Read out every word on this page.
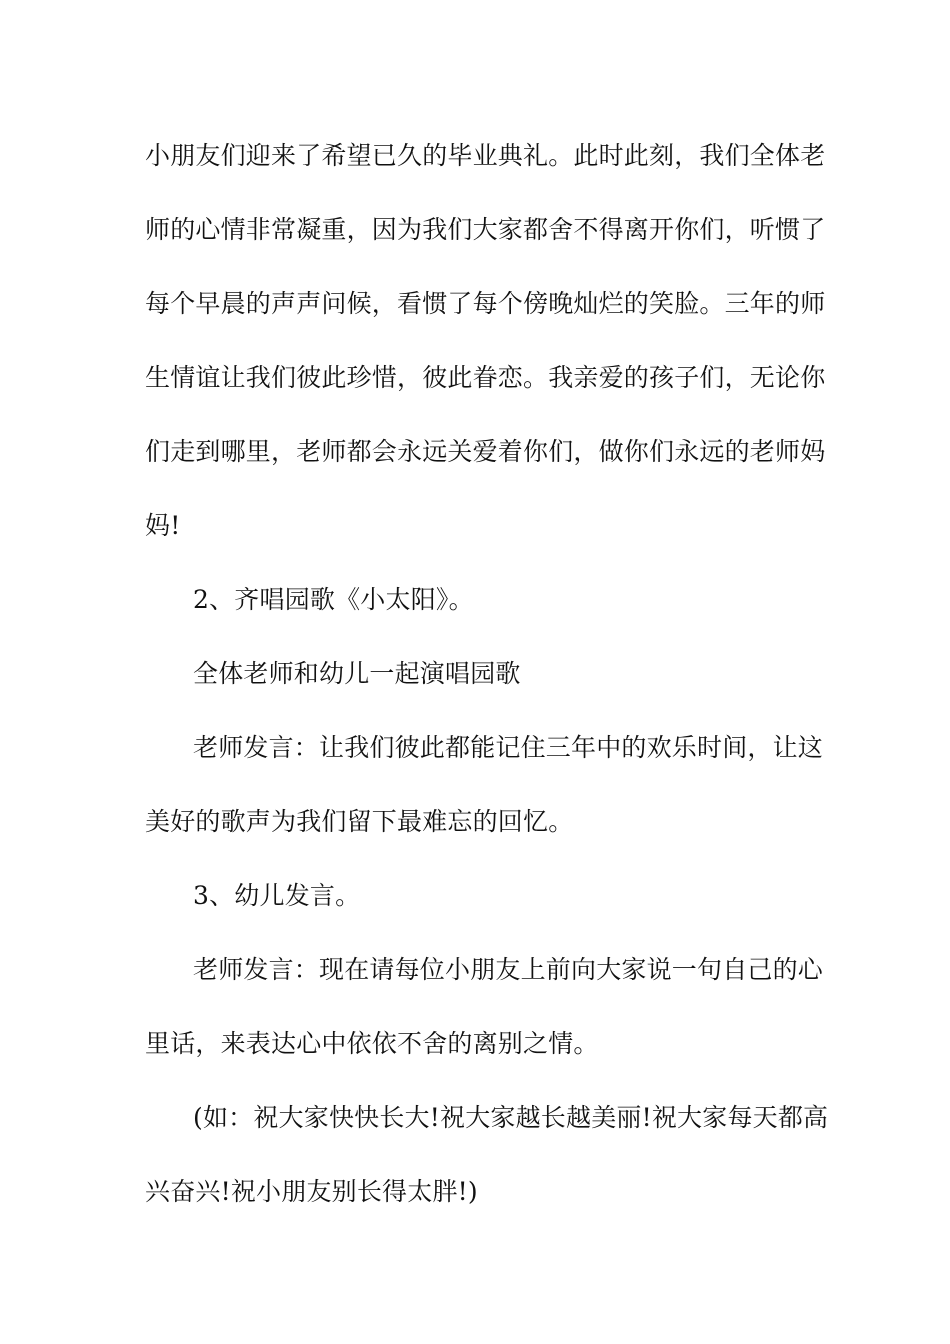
小朋友们迎来了希望已久的毕业典礼。此时此刻，我们全体老
师的心情非常凝重，因为我们大家都舍不得离开你们，听惯了
每个早晨的声声问候，看惯了每个傍晚灿烂的笑脸。三年的师
生情谊让我们彼此珍惜，彼此眷恋。我亲爱的孩子们，无论你
们走到哪里，老师都会永远关爱着你们，做你们永远的老师妈
妈!
2、齐唱园歌《小太阳》。
全体老师和幼儿一起演唱园歌
老师发言：让我们彼此都能记住三年中的欢乐时间，让这
美好的歌声为我们留下最难忘的回忆。
3、幼儿发言。
老师发言：现在请每位小朋友上前向大家说一句自己的心
里话，来表达心中依依不舍的离别之情。
(如：祝大家快快长大!祝大家越长越美丽!祝大家每天都高
兴奋兴!祝小朋友别长得太胖!)
